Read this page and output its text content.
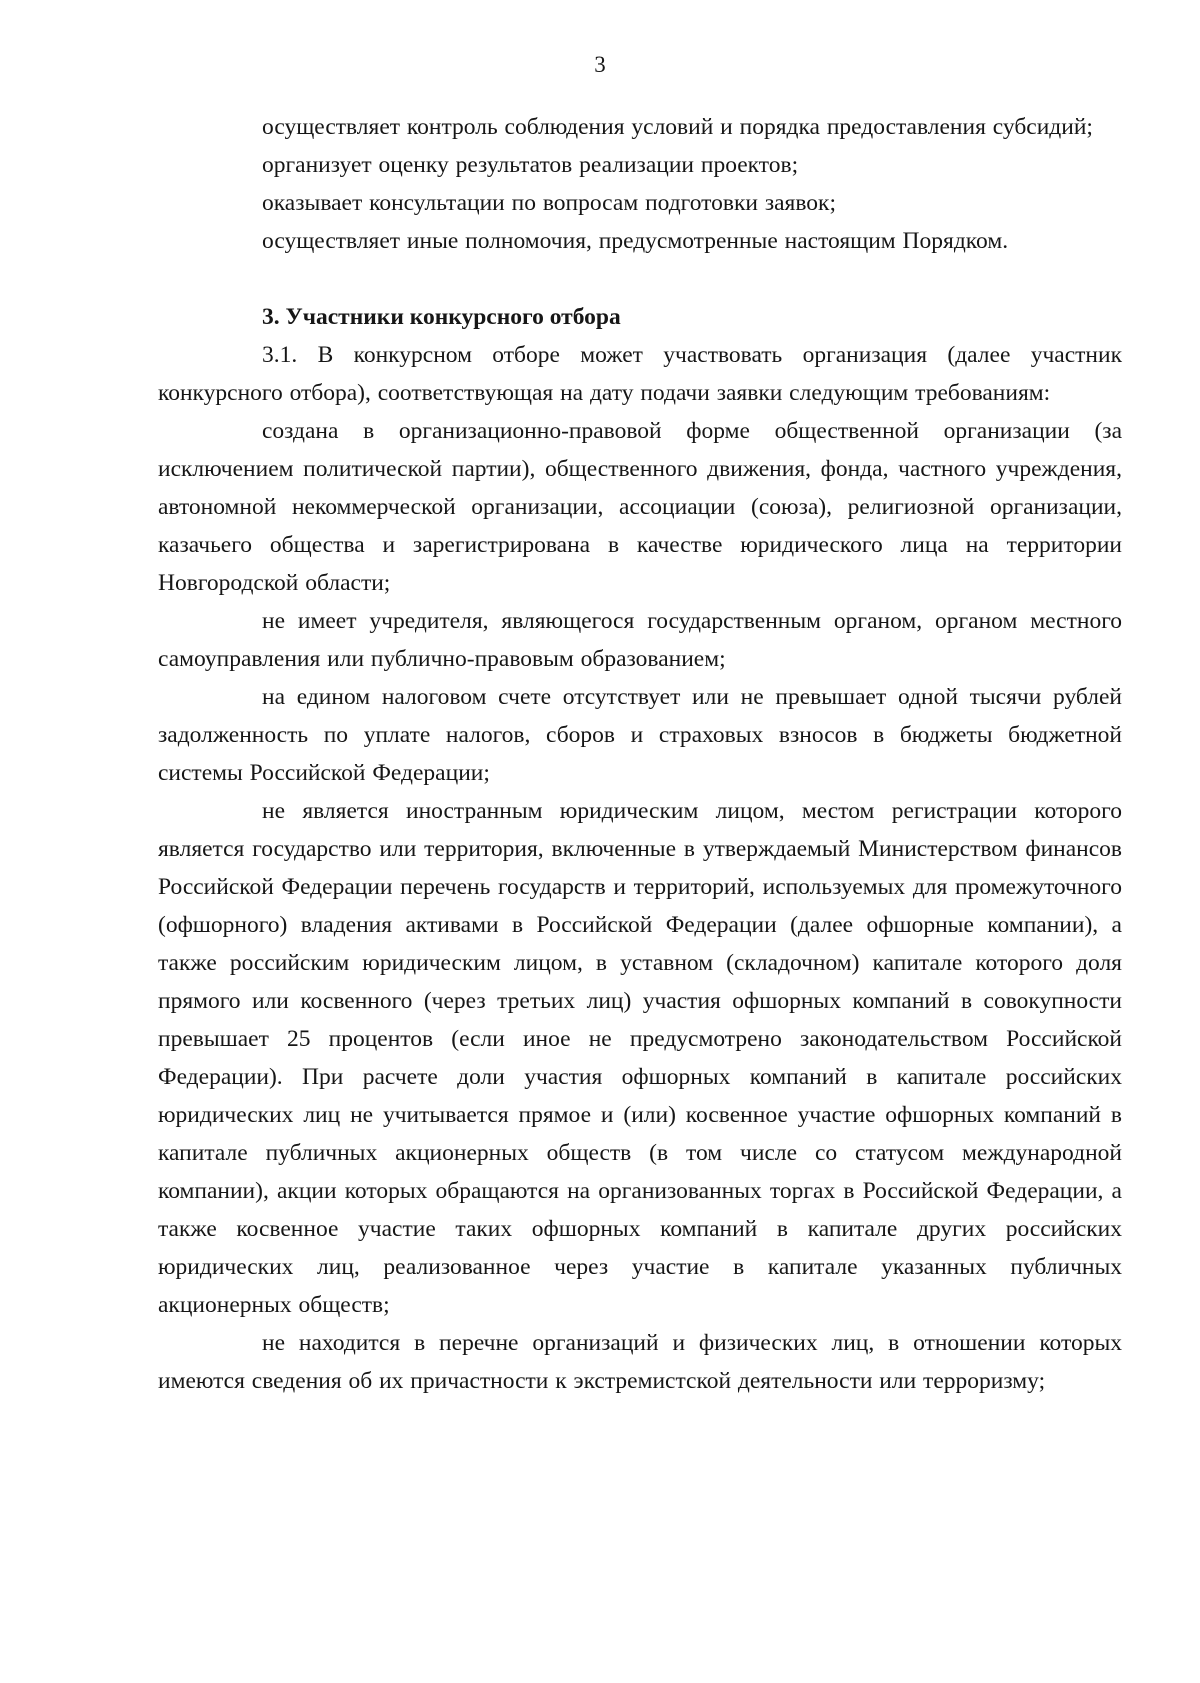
3

осуществляет контроль соблюдения условий и порядка предоставления субсидий;

организует оценку результатов реализации проектов;

оказывает консультации по вопросам подготовки заявок;

осуществляет иные полномочия, предусмотренные настоящим Порядком.

3. Участники конкурсного отбора

3.1. В конкурсном отборе может участвовать организация (далее участник конкурсного отбора), соответствующая на дату подачи заявки следующим требованиям:

создана в организационно-правовой форме общественной организации (за исключением политической партии), общественного движения, фонда, частного учреждения, автономной некоммерческой организации, ассоциации (союза), религиозной организации, казачьего общества и зарегистрирована в качестве юридического лица на территории Новгородской области;

не имеет учредителя, являющегося государственным органом, органом местного самоуправления или публично-правовым образованием;

на едином налоговом счете отсутствует или не превышает одной тысячи рублей задолженность по уплате налогов, сборов и страховых взносов в бюджеты бюджетной системы Российской Федерации;

не является иностранным юридическим лицом, местом регистрации которого является государство или территория, включенные в утверждаемый Министерством финансов Российской Федерации перечень государств и территорий, используемых для промежуточного (офшорного) владения активами в Российской Федерации (далее офшорные компании), а также российским юридическим лицом, в уставном (складочном) капитале которого доля прямого или косвенного (через третьих лиц) участия офшорных компаний в совокупности превышает 25 процентов (если иное не предусмотрено законодательством Российской Федерации). При расчете доли участия офшорных компаний в капитале российских юридических лиц не учитывается прямое и (или) косвенное участие офшорных компаний в капитале публичных акционерных обществ (в том числе со статусом международной компании), акции которых обращаются на организованных торгах в Российской Федерации, а также косвенное участие таких офшорных компаний в капитале других российских юридических лиц, реализованное через участие в капитале указанных публичных акционерных обществ;

не находится в перечне организаций и физических лиц, в отношении которых имеются сведения об их причастности к экстремистской деятельности или терроризму;
